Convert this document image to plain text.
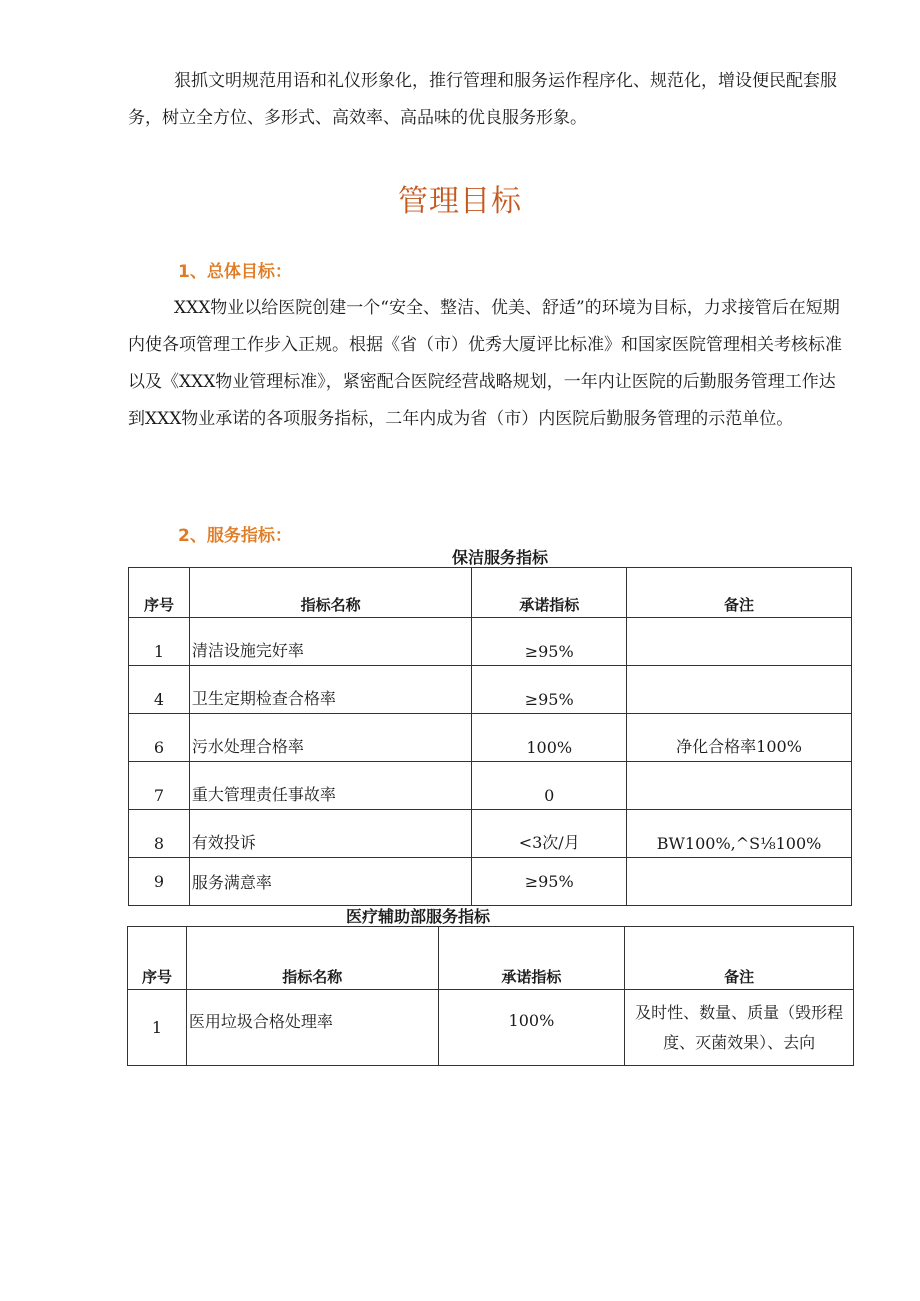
狠抓文明规范用语和礼仪形象化，推行管理和服务运作程序化、规范化，增设便民配套服务，树立全方位、多形式、高效率、高品味的优良服务形象。

管理目标
1、总体目标：

XXX物业以给医院创建一个“安全、整洁、优美、舒适”的环境为目标，力求接管后在短期内使各项管理工作步入正规。根据《省（市）优秀大厦评比标准》和国家医院管理相关考核标准以及《XXX物业管理标准》，紧密配合医院经营战略规划，一年内让医院的后勤服务管理工作达到XXX物业承诺的各项服务指标，二年内成为省（市）内医院后勤服务管理的示范单位。

2、服务指标：

保洁服务指标

序号	指标名称	承诺指标	备注
1	清洁设施完好率	≥95%	
4	卫生定期检查合格率	≥95%	
6	污水处理合格率	100%	净化合格率100%
7	重大管理责任事故率	0	
8	有效投诉	<3次/月	BW100%,^S⅛100%
9	服务满意率	≥95%	

医疗辅助部服务指标

序号	指标名称	承诺指标	备注
1	医用垃圾合格处理率	100%	及时性、数量、质量（毁形程度、灭菌效果）、去向
